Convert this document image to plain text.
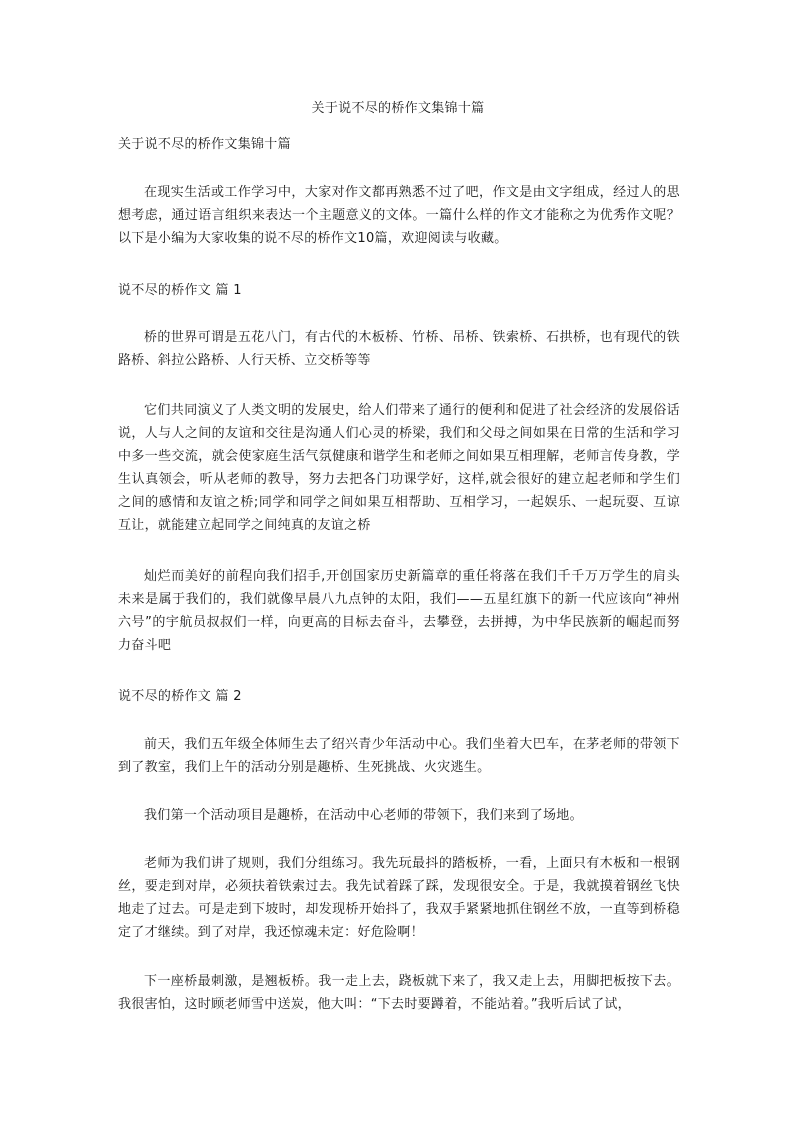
关于说不尽的桥作文集锦十篇
关于说不尽的桥作文集锦十篇
在现实生活或工作学习中，大家对作文都再熟悉不过了吧，作文是由文字组成，经过人的思想考虑，通过语言组织来表达一个主题意义的文体。一篇什么样的作文才能称之为优秀作文呢？以下是小编为大家收集的说不尽的桥作文10篇，欢迎阅读与收藏。
说不尽的桥作文 篇 1
桥的世界可谓是五花八门，有古代的木板桥、竹桥、吊桥、铁索桥、石拱桥，也有现代的铁路桥、斜拉公路桥、人行天桥、立交桥等等
它们共同演义了人类文明的发展史，给人们带来了通行的便利和促进了社会经济的发展俗话说，人与人之间的友谊和交往是沟通人们心灵的桥梁，我们和父母之间如果在日常的生活和学习中多一些交流，就会使家庭生活气氛健康和谐学生和老师之间如果互相理解，老师言传身教，学生认真领会，听从老师的教导，努力去把各门功课学好，这样,就会很好的建立起老师和学生们之间的感情和友谊之桥;同学和同学之间如果互相帮助、互相学习，一起娱乐、一起玩耍、互谅互让，就能建立起同学之间纯真的友谊之桥
灿烂而美好的前程向我们招手,开创国家历史新篇章的重任将落在我们千千万万学生的肩头未来是属于我们的，我们就像早晨八九点钟的太阳，我们——五星红旗下的新一代应该向“神州六号”的宇航员叔叔们一样，向更高的目标去奋斗，去攀登，去拼搏，为中华民族新的崛起而努力奋斗吧
说不尽的桥作文 篇 2
前天，我们五年级全体师生去了绍兴青少年活动中心。我们坐着大巴车，在茅老师的带领下到了教室，我们上午的活动分别是趣桥、生死挑战、火灾逃生。
我们第一个活动项目是趣桥，在活动中心老师的带领下，我们来到了场地。
老师为我们讲了规则，我们分组练习。我先玩最抖的踏板桥，一看，上面只有木板和一根钢丝，要走到对岸，必须扶着铁索过去。我先试着踩了踩，发现很安全。于是，我就摸着钢丝飞快地走了过去。可是走到下坡时，却发现桥开始抖了，我双手紧紧地抓住钢丝不放，一直等到桥稳定了才继续。到了对岸，我还惊魂未定：好危险啊！
下一座桥最刺激，是翘板桥。我一走上去，跷板就下来了，我又走上去，用脚把板按下去。我很害怕，这时顾老师雪中送炭，他大叫：“下去时要蹲着，不能站着。”我听后试了试，
